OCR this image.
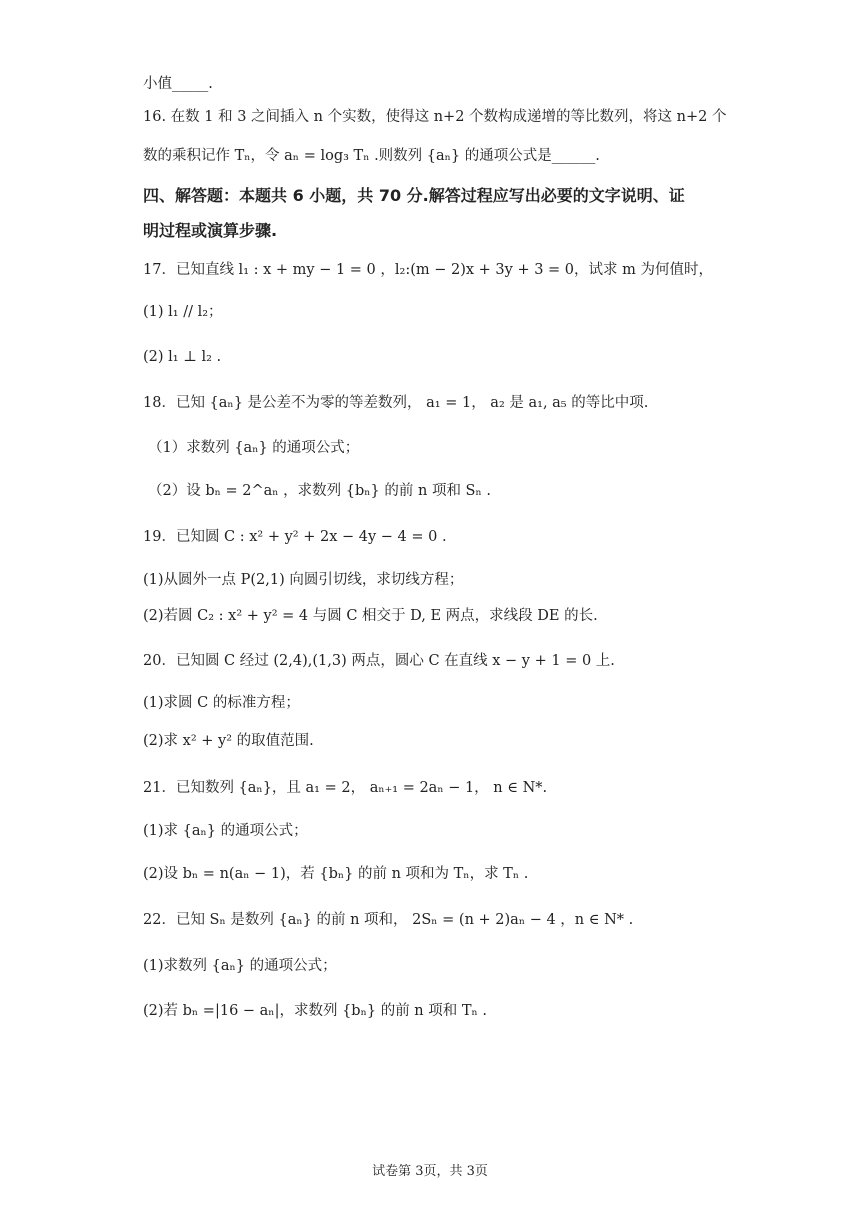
小值_____.
16. 在数 1 和 3 之间插入 n 个实数，使得这 n+2 个数构成递增的等比数列，将这 n+2 个
数的乘积记作 Tₙ，令 aₙ = log₃ Tₙ .则数列 {aₙ} 的通项公式是______.
四、解答题：本题共 6 小题，共 70 分.解答过程应写出必要的文字说明、证
明过程或演算步骤.
17．已知直线 l₁ : x + my − 1 = 0 ，l₂:(m − 2)x + 3y + 3 = 0，试求 m 为何值时，
(1) l₁ // l₂；
(2) l₁ ⊥ l₂ .
18．已知 {aₙ} 是公差不为零的等差数列， a₁ = 1， a₂ 是 a₁, a₅ 的等比中项.
（1）求数列 {aₙ} 的通项公式；
（2）设 bₙ = 2^aₙ ，求数列 {bₙ} 的前 n 项和 Sₙ .
19．已知圆 C : x² + y² + 2x − 4y − 4 = 0 .
(1)从圆外一点 P(2,1) 向圆引切线，求切线方程；
(2)若圆 C₂ : x² + y² = 4 与圆 C 相交于 D, E 两点，求线段 DE 的长.
20．已知圆 C 经过 (2,4),(1,3) 两点，圆心 C 在直线 x − y + 1 = 0 上.
(1)求圆 C 的标准方程；
(2)求 x² + y² 的取值范围.
21．已知数列 {aₙ}，且 a₁ = 2， aₙ₊₁ = 2aₙ − 1， n ∈ N*.
(1)求 {aₙ} 的通项公式；
(2)设 bₙ = n(aₙ − 1)，若 {bₙ} 的前 n 项和为 Tₙ，求 Tₙ .
22．已知 Sₙ 是数列 {aₙ} 的前 n 项和， 2Sₙ = (n + 2)aₙ − 4 ，n ∈ N* .
(1)求数列 {aₙ} 的通项公式；
(2)若 bₙ =|16 − aₙ|，求数列 {bₙ} 的前 n 项和 Tₙ .
试卷第 3页，共 3页
